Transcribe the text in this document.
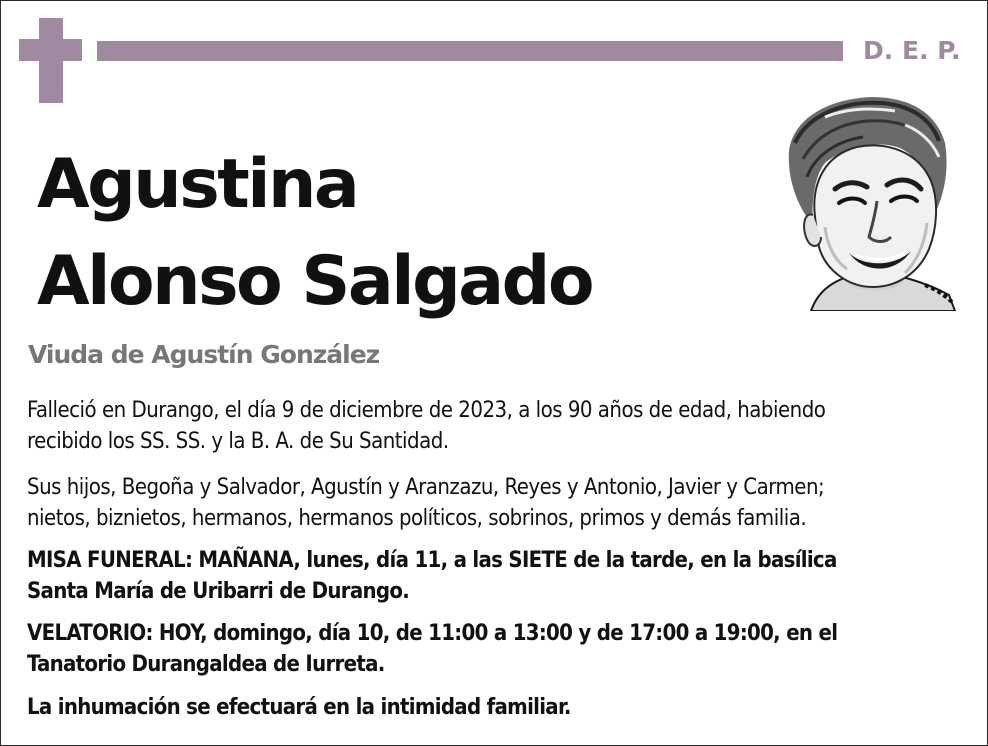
D. E. P.
Agustina
Alonso Salgado
Viuda de Agustín González

Falleció en Durango, el día 9 de diciembre de 2023, a los 90 años de edad, habiendo
recibido los SS. SS. y la B. A. de Su Santidad.

Sus hijos, Begoña y Salvador, Agustín y Aranzazu, Reyes y Antonio, Javier y Carmen;
nietos, biznietos, hermanos, hermanos políticos, sobrinos, primos y demás familia.

MISA FUNERAL: MAÑANA, lunes, día 11, a las SIETE de la tarde, en la basílica
Santa María de Uribarri de Durango.

VELATORIO: HOY, domingo, día 10, de 11:00 a 13:00 y de 17:00 a 19:00, en el
Tanatorio Durangaldea de Iurreta.

La inhumación se efectuará en la intimidad familiar.
